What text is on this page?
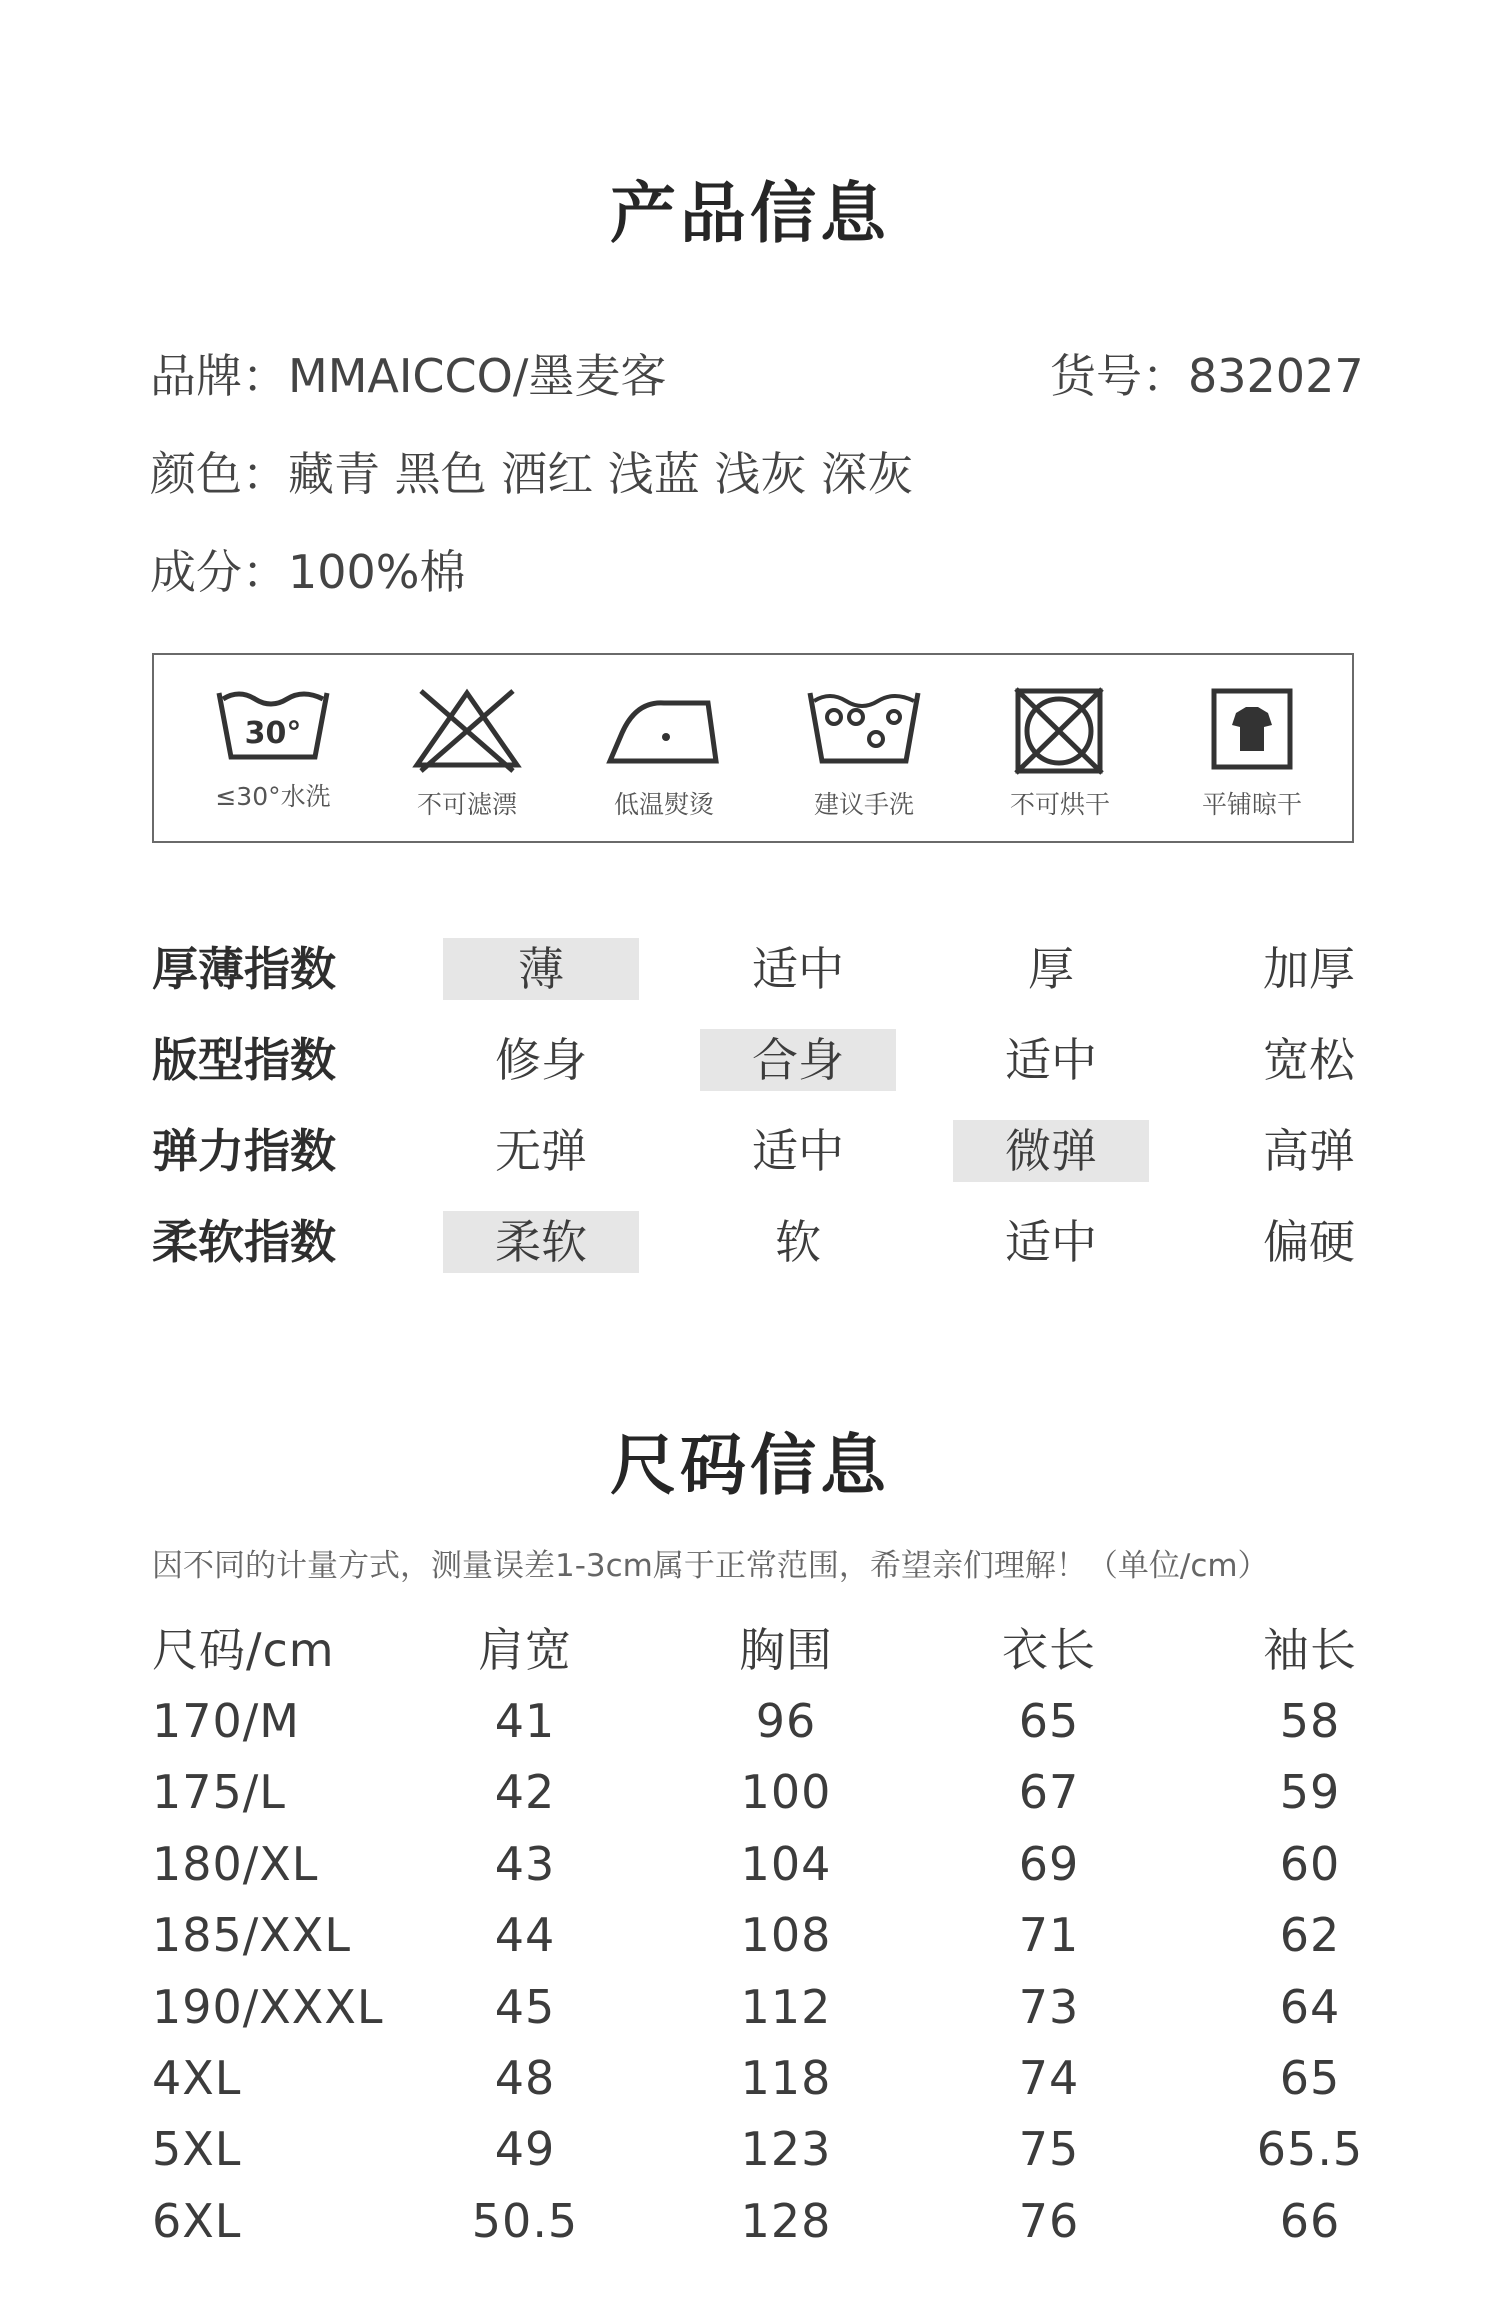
产品信息
品牌：MMAICCO/墨麦客	货号：832027
颜色：藏青 黑色 酒红 浅蓝 浅灰 深灰
成分：100%棉
30°
≤30°水洗	不可滤漂	低温熨烫	建议手洗	不可烘干	平铺晾干
厚薄指数	薄	适中	厚	加厚
版型指数	修身	合身	适中	宽松
弹力指数	无弹	适中	微弹	高弹
柔软指数	柔软	软	适中	偏硬
尺码信息
因不同的计量方式，测量误差1-3cm属于正常范围，希望亲们理解！（单位/cm）
尺码/cm	肩宽	胸围	衣长	袖长
170/M	41	96	65	58
175/L	42	100	67	59
180/XL	43	104	69	60
185/XXL	44	108	71	62
190/XXXL	45	112	73	64
4XL	48	118	74	65
5XL	49	123	75	65.5
6XL	50.5	128	76	66
